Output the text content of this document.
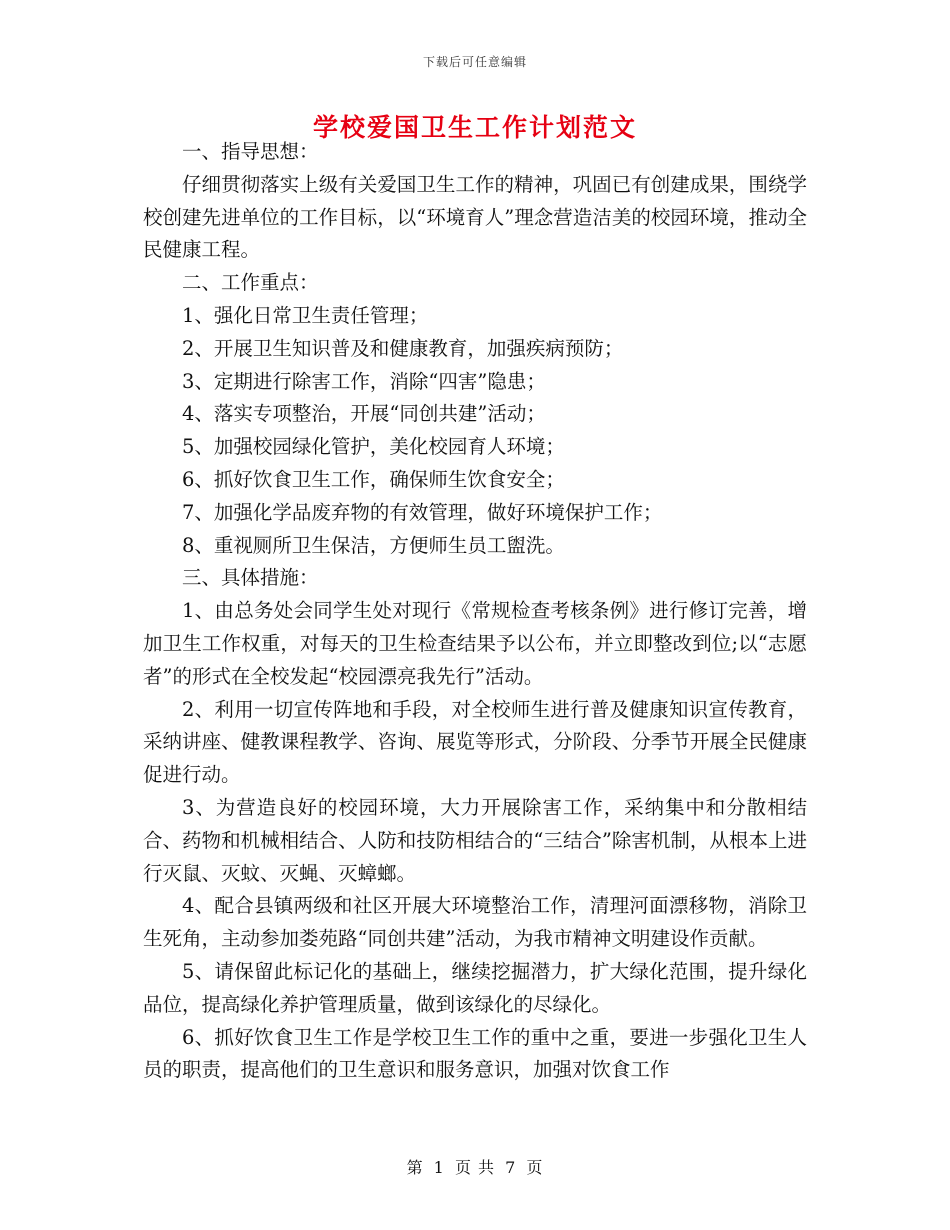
下载后可任意编辑
学校爱国卫生工作计划范文

一、指导思想：

仔细贯彻落实上级有关爱国卫生工作的精神，巩固已有创建成果，围绕学校创建先进单位的工作目标，以“环境育人”理念营造洁美的校园环境，推动全民健康工程。

二、工作重点：

1、强化日常卫生责任管理；

2、开展卫生知识普及和健康教育，加强疾病预防；

3、定期进行除害工作，消除“四害”隐患；

4、落实专项整治，开展“同创共建”活动；

5、加强校园绿化管护，美化校园育人环境；

6、抓好饮食卫生工作，确保师生饮食安全；

7、加强化学品废弃物的有效管理，做好环境保护工作；

8、重视厕所卫生保洁，方便师生员工盥洗。

三、具体措施：

1、由总务处会同学生处对现行《常规检查考核条例》进行修订完善，增加卫生工作权重，对每天的卫生检查结果予以公布，并立即整改到位;以“志愿者”的形式在全校发起“校园漂亮我先行”活动。

2、利用一切宣传阵地和手段，对全校师生进行普及健康知识宣传教育，采纳讲座、健教课程教学、咨询、展览等形式，分阶段、分季节开展全民健康促进行动。

3、为营造良好的校园环境，大力开展除害工作，采纳集中和分散相结合、药物和机械相结合、人防和技防相结合的“三结合”除害机制，从根本上进行灭鼠、灭蚊、灭蝇、灭蟑螂。

4、配合县镇两级和社区开展大环境整治工作，清理河面漂移物，消除卫生死角，主动参加娄苑路“同创共建”活动，为我市精神文明建设作贡献。

5、请保留此标记化的基础上，继续挖掘潜力，扩大绿化范围，提升绿化品位，提高绿化养护管理质量，做到该绿化的尽绿化。

6、抓好饮食卫生工作是学校卫生工作的重中之重，要进一步强化卫生人员的职责，提高他们的卫生意识和服务意识，加强对饮食工作

第 1 页 共 7 页
